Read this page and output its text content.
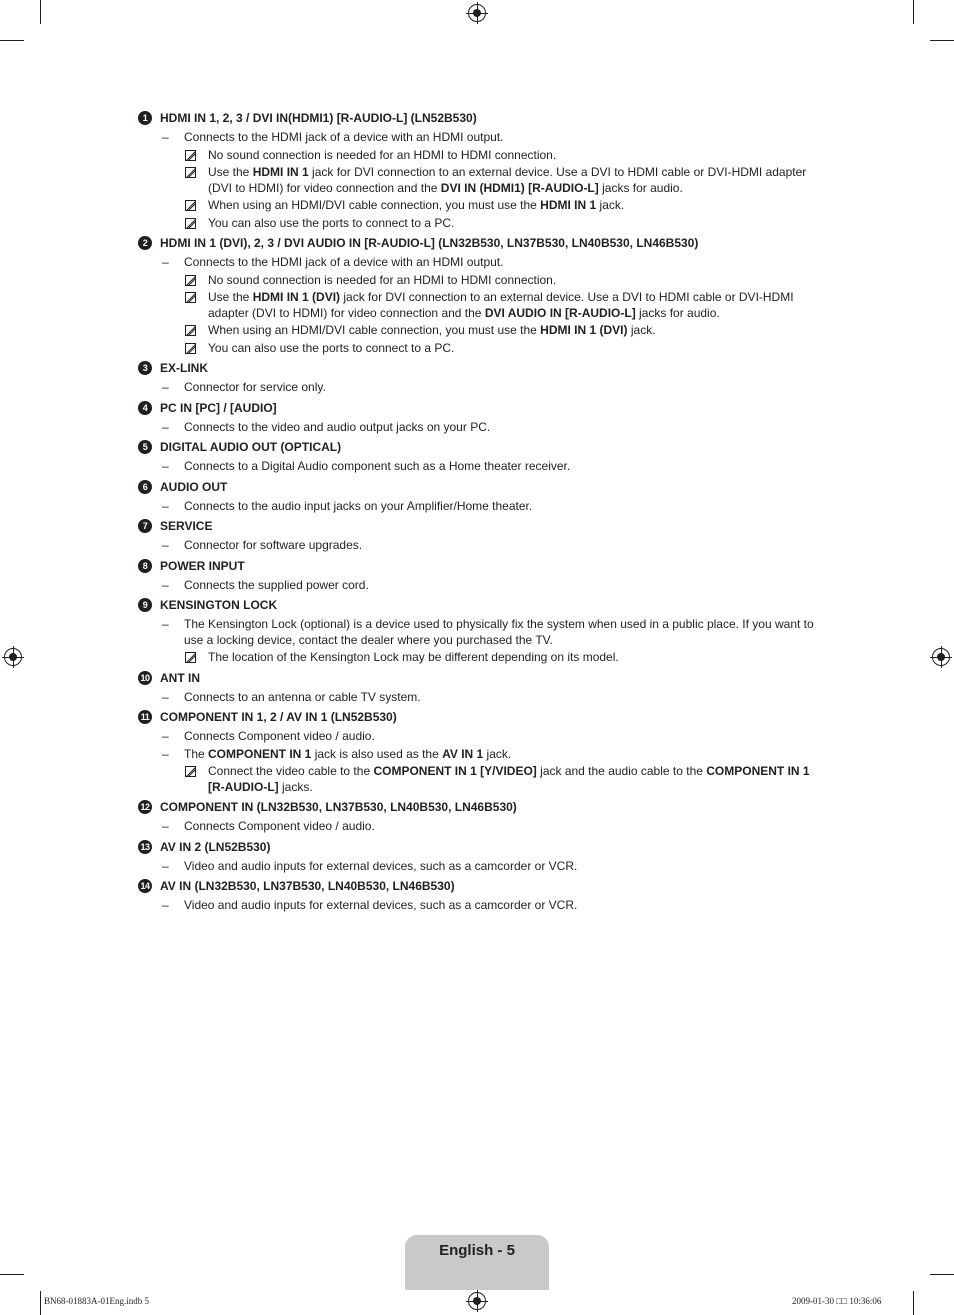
1	HDMI IN 1, 2, 3 / DVI IN(HDMI1) [R-AUDIO-L] (LN52B530)
– Connects to the HDMI jack of a device with an HDMI output.
No sound connection is needed for an HDMI to HDMI connection.
Use the HDMI IN 1 jack for DVI connection to an external device. Use a DVI to HDMI cable or DVI-HDMI adapter (DVI to HDMI) for video connection and the DVI IN (HDMI1) [R-AUDIO-L] jacks for audio.
When using an HDMI/DVI cable connection, you must use the HDMI IN 1 jack.
You can also use the ports to connect to a PC.
2	HDMI IN 1 (DVI), 2, 3 / DVI AUDIO IN [R-AUDIO-L] (LN32B530, LN37B530, LN40B530, LN46B530)
– Connects to the HDMI jack of a device with an HDMI output.
No sound connection is needed for an HDMI to HDMI connection.
Use the HDMI IN 1 (DVI) jack for DVI connection to an external device. Use a DVI to HDMI cable or DVI-HDMI adapter (DVI to HDMI) for video connection and the DVI AUDIO IN [R-AUDIO-L] jacks for audio.
When using an HDMI/DVI cable connection, you must use the HDMI IN 1 (DVI) jack.
You can also use the ports to connect to a PC.
3	EX-LINK
– Connector for service only.
4	PC IN [PC] / [AUDIO]
– Connects to the video and audio output jacks on your PC.
5	DIGITAL AUDIO OUT (OPTICAL)
– Connects to a Digital Audio component such as a Home theater receiver.
6	AUDIO OUT
– Connects to the audio input jacks on your Amplifier/Home theater.
7	SERVICE
– Connector for software upgrades.
8	POWER INPUT
– Connects the supplied power cord.
9	KENSINGTON LOCK
– The Kensington Lock (optional) is a device used to physically fix the system when used in a public place. If you want to use a locking device, contact the dealer where you purchased the TV.
The location of the Kensington Lock may be different depending on its model.
10 ANT IN
– Connects to an antenna or cable TV system.
11 COMPONENT IN 1, 2 / AV IN 1 (LN52B530)
– Connects Component video / audio.
– The COMPONENT IN 1 jack is also used as the AV IN 1 jack.
Connect the video cable to the COMPONENT IN 1 [Y/VIDEO] jack and the audio cable to the COMPONENT IN 1 [R-AUDIO-L] jacks.
12 COMPONENT IN (LN32B530, LN37B530, LN40B530, LN46B530)
– Connects Component video / audio.
13 AV IN 2 (LN52B530)
– Video and audio inputs for external devices, such as a camcorder or VCR.
14 AV IN (LN32B530, LN37B530, LN40B530, LN46B530)
– Video and audio inputs for external devices, such as a camcorder or VCR.
English - 5
BN68-01883A-01Eng.indb 5	2009-01-30 □□ 10:36:06
